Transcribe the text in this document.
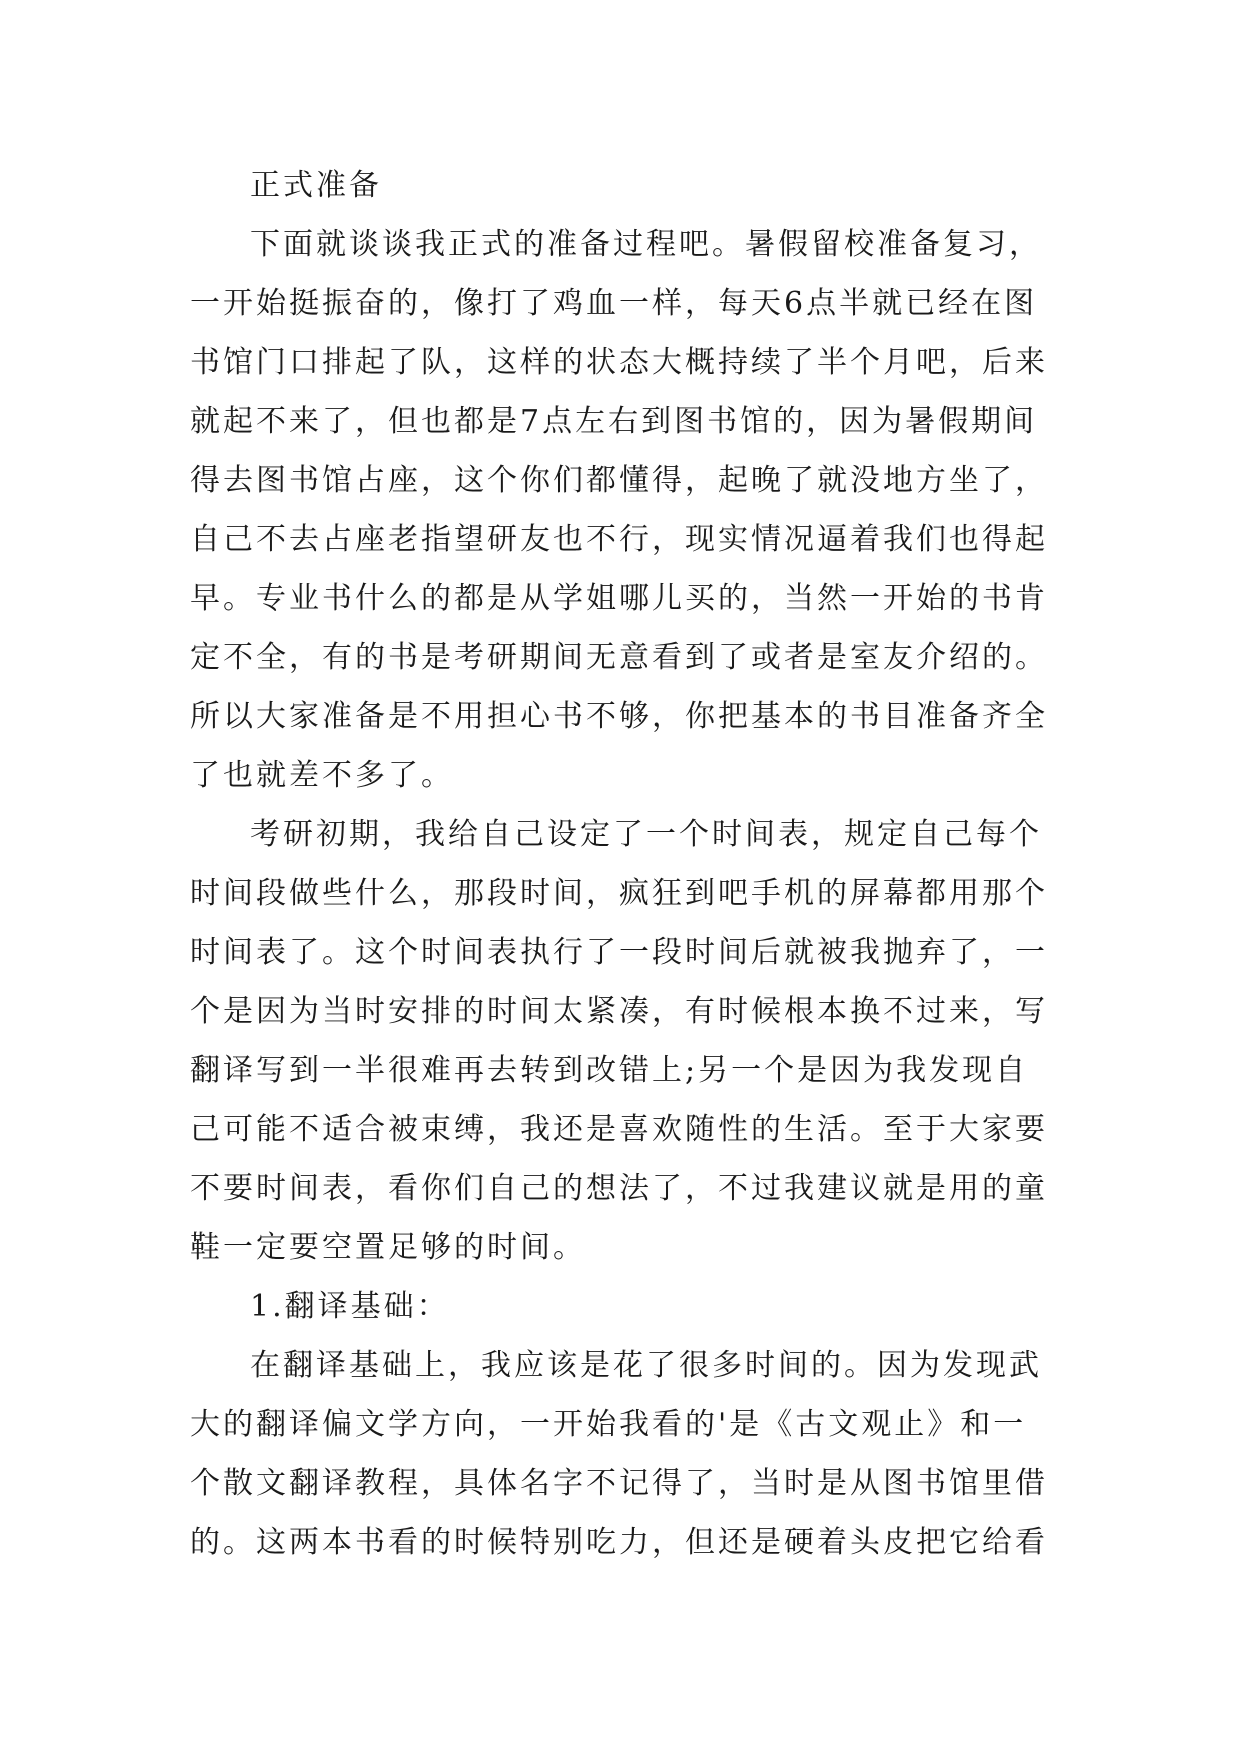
正式准备

下面就谈谈我正式的准备过程吧。暑假留校准备复习，
一开始挺振奋的，像打了鸡血一样，每天6点半就已经在图
书馆门口排起了队，这样的状态大概持续了半个月吧，后来
就起不来了，但也都是7点左右到图书馆的，因为暑假期间
得去图书馆占座，这个你们都懂得，起晚了就没地方坐了，
自己不去占座老指望研友也不行，现实情况逼着我们也得起
早。专业书什么的都是从学姐哪儿买的，当然一开始的书肯
定不全，有的书是考研期间无意看到了或者是室友介绍的。
所以大家准备是不用担心书不够，你把基本的书目准备齐全
了也就差不多了。

考研初期，我给自己设定了一个时间表，规定自己每个
时间段做些什么，那段时间，疯狂到吧手机的屏幕都用那个
时间表了。这个时间表执行了一段时间后就被我抛弃了，一
个是因为当时安排的时间太紧凑，有时候根本换不过来，写
翻译写到一半很难再去转到改错上;另一个是因为我发现自
己可能不适合被束缚，我还是喜欢随性的生活。至于大家要
不要时间表，看你们自己的想法了，不过我建议就是用的童
鞋一定要空置足够的时间。

1.翻译基础：

在翻译基础上，我应该是花了很多时间的。因为发现武
大的翻译偏文学方向，一开始我看的'是《古文观止》和一
个散文翻译教程，具体名字不记得了，当时是从图书馆里借
的。这两本书看的时候特别吃力，但还是硬着头皮把它给看
